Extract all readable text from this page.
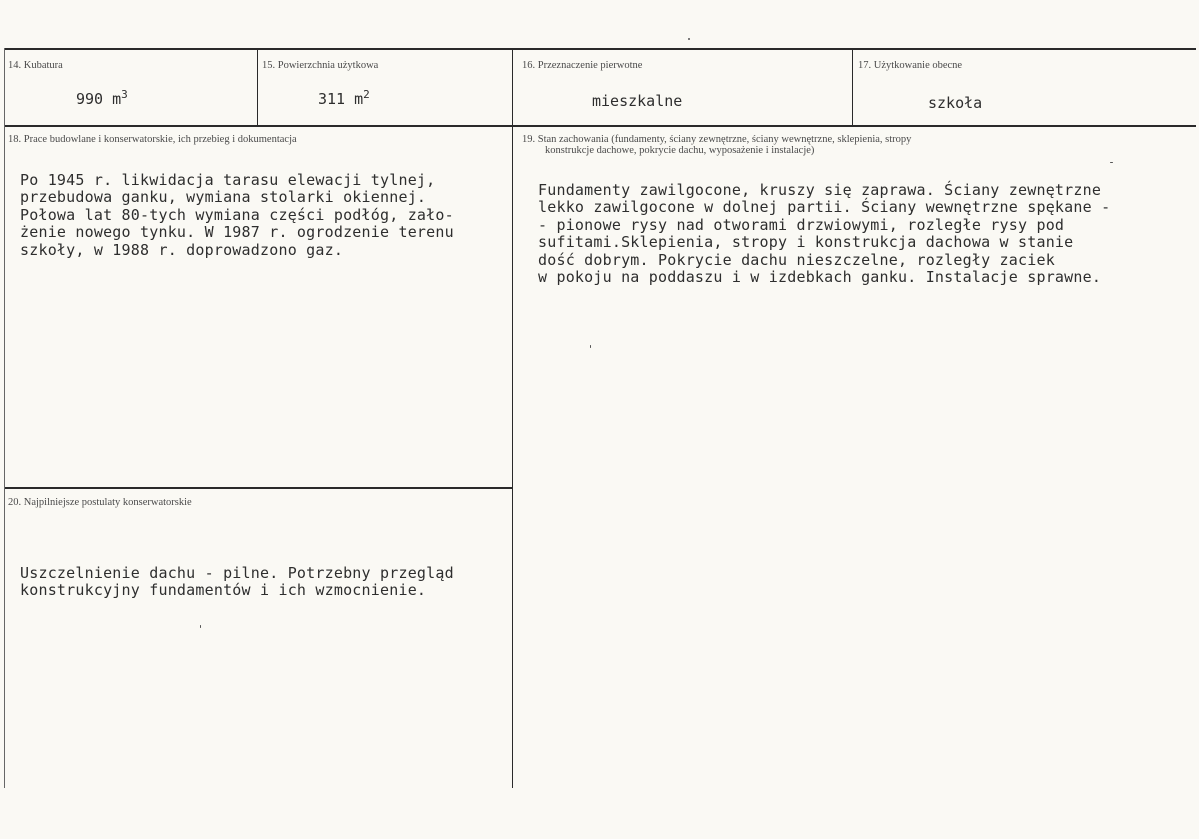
14. Kubatura
990 $m^3$
15. Powierzchnia użytkowa
311 $m^2$
16. Przeznaczenie pierwotne
mieszkalne
17. Użytkowanie obecne
szkoła
18. Prace budowlane i konserwatorskie, ich przebieg i dokumentacja
Po 1945 r. likwidacja tarasu elewacji tylnej,
przebudowa ganku, wymiana stolarki okiennej.
Połowa lat 80-tych wymiana części podłóg, zało-
żenie nowego tynku. W 1987 r. ogrodzenie terenu
szkoły, w 1988 r. doprowadzono gaz.
19. Stan zachowania (fundamenty, ściany zewnętrzne, ściany wewnętrzne, sklepienia, stropy
konstrukcje dachowe, pokrycie dachu, wyposażenie i instalacje)
Fundamenty zawilgocone, kruszy się zaprawa. Ściany zewnętrzne
lekko zawilgocone w dolnej partii. Ściany wewnętrzne spękane -
- pionowe rysy nad otworami drzwiowymi, rozległe rysy pod
sufitami.Sklepienia, stropy i konstrukcja dachowa w stanie
dość dobrym. Pokrycie dachu nieszczelne, rozległy zaciek
w pokoju na poddaszu i w izdebkach ganku. Instalacje sprawne.
20. Najpilniejsze postulaty konserwatorskie
Uszczelnienie dachu - pilne. Potrzebny przegląd
konstrukcyjny fundamentów i ich wzmocnienie.
